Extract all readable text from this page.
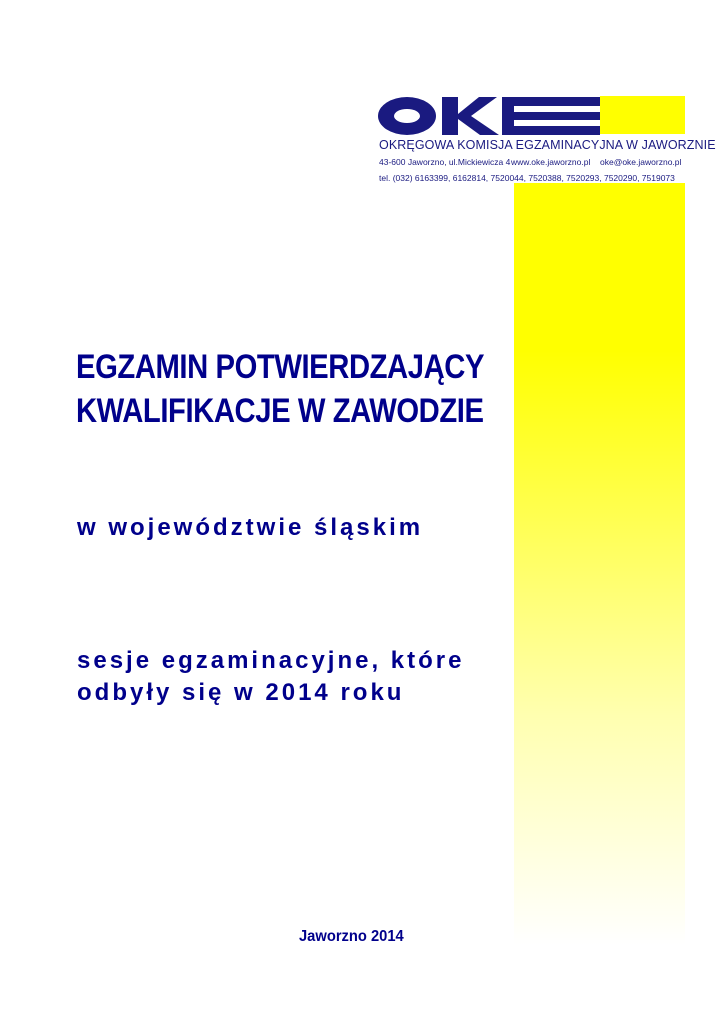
OKE
OKRĘGOWA KOMISJA EGZAMINACYJNA W JAWORZNIE
43-600 Jaworzno, ul.Mickiewicza 4 www.oke.jaworzno.pl oke@oke.jaworzno.pl
tel. (032) 6163399, 6162814, 7520044, 7520388, 7520293, 7520290, 7519073
EGZAMIN POTWIERDZAJĄCY
KWALIFIKACJE W ZAWODZIE
w województwie śląskim
sesje egzaminacyjne, które
odbyły się w 2014 roku
Jaworzno 2014
